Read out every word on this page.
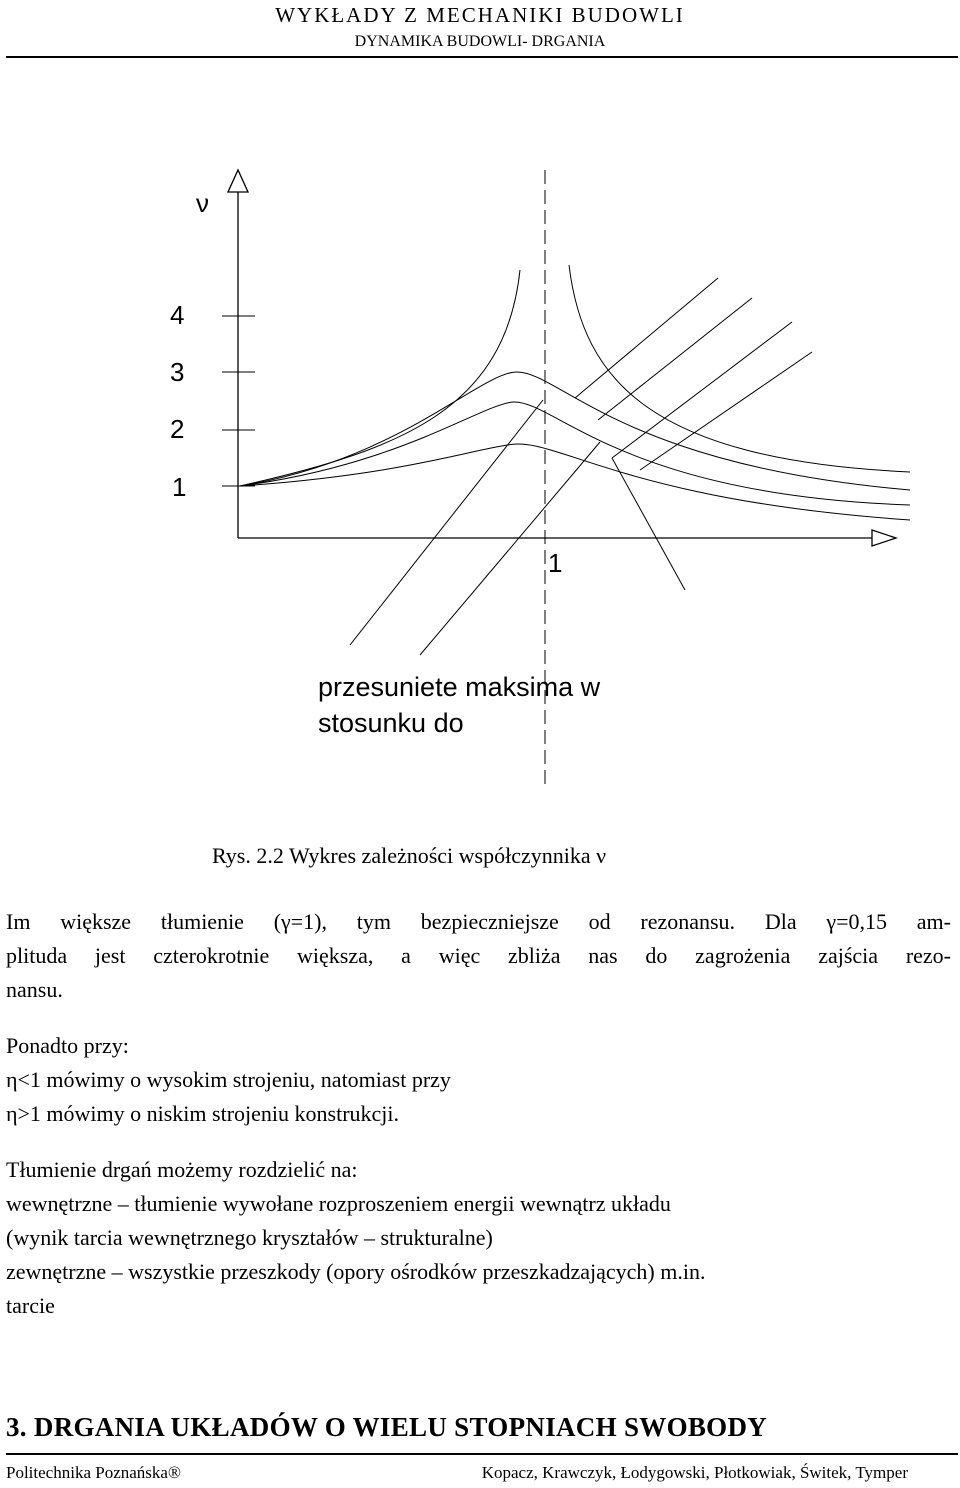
WYKŁADY Z MECHANIKI BUDOWLI
DYNAMIKA BUDOWLI- DRGANIA
ν
4
3
2
1
1
przesuniete maksima w
stosunku do
Rys. 2.2 Wykres zależności współczynnika ν

Im większe tłumienie (γ=1), tym bezpieczniejsze od rezonansu. Dla γ=0,15 am-

plituda jest czterokrotnie większa, a więc zbliża nas do zagrożenia zajścia rezo-

nansu.

Ponadto przy:

η<1 mówimy o wysokim strojeniu, natomiast przy

η>1 mówimy o niskim strojeniu konstrukcji.

Tłumienie drgań możemy rozdzielić na:

wewnętrzne – tłumienie wywołane rozproszeniem energii wewnątrz układu

(wynik tarcia wewnętrznego kryształów – strukturalne)

zewnętrzne – wszystkie przeszkody (opory ośrodków przeszkadzających) m.in.

tarcie

3. DRGANIA UKŁADÓW O WIELU STOPNIACH SWOBODY
Politechnika Poznańska®	Kopacz, Krawczyk, Łodygowski, Płotkowiak, Świtek, Tymper
